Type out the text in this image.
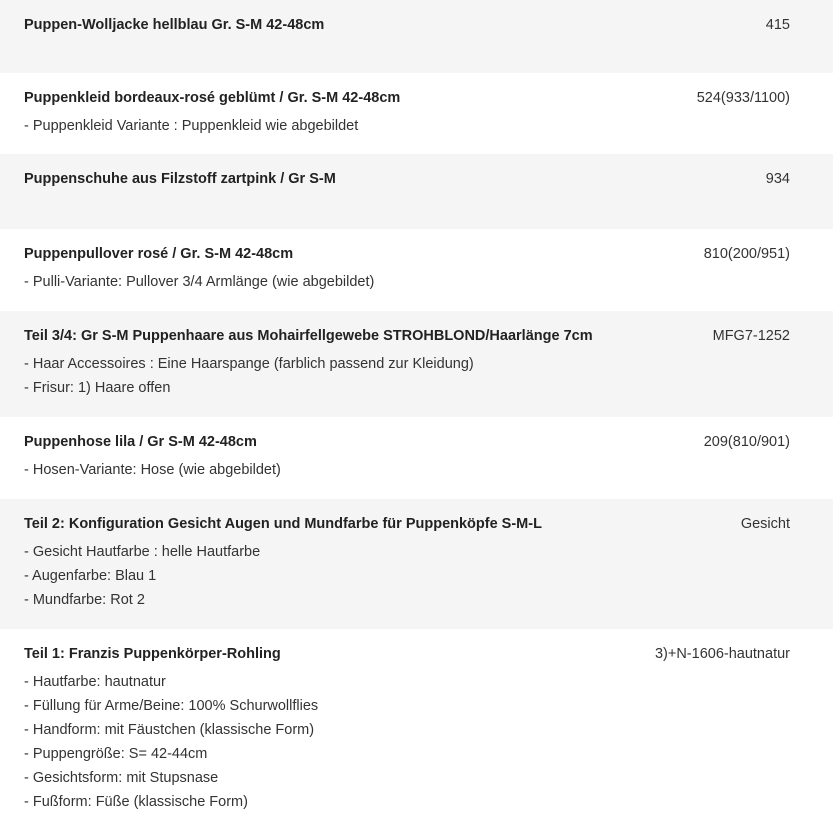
Puppen-Wolljacke hellblau Gr. S-M 42-48cm	415
Puppenkleid bordeaux-rosé geblümt / Gr. S-M 42-48cm	524(933/1100)
- Puppenkleid Variante : Puppenkleid wie abgebildet
Puppenschuhe aus Filzstoff zartpink / Gr S-M	934
Puppenpullover rosé / Gr. S-M 42-48cm	810(200/951)
- Pulli-Variante: Pullover 3/4 Armlänge (wie abgebildet)
Teil 3/4: Gr S-M Puppenhaare aus Mohairfellgewebe STROHBLOND/Haarlänge 7cm	MFG7-1252
- Haar Accessoires : Eine Haarspange (farblich passend zur Kleidung)
- Frisur: 1) Haare offen
Puppenhose lila / Gr S-M 42-48cm	209(810/901)
- Hosen-Variante: Hose (wie abgebildet)
Teil 2: Konfiguration Gesicht Augen und Mundfarbe für Puppenköpfe S-M-L	Gesicht
- Gesicht Hautfarbe : helle Hautfarbe
- Augenfarbe: Blau 1
- Mundfarbe: Rot 2
Teil 1: Franzis Puppenkörper-Rohling	3)+N-1606-hautnatur
- Hautfarbe: hautnatur
- Füllung für Arme/Beine: 100% Schurwollflies
- Handform: mit Fäustchen (klassische Form)
- Puppengröße: S= 42-44cm
- Gesichtsform: mit Stupsnase
- Fußform: Füße (klassische Form)
